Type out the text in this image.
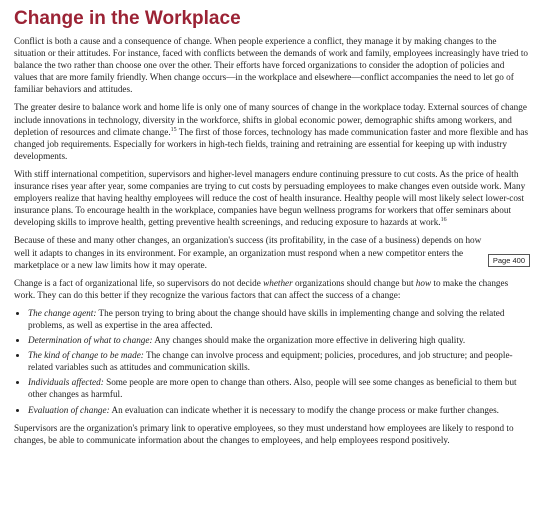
Change in the Workplace

Conflict is both a cause and a consequence of change. When people experience a conflict, they manage it by making changes to the situation or their attitudes. For instance, faced with conflicts between the demands of work and family, employees increasingly have tried to balance the two rather than choose one over the other. Their efforts have forced organizations to consider the adoption of policies and values that are more family friendly. When change occurs—in the workplace and elsewhere—conflict accompanies the need to let go of familiar behaviors and attitudes.

The greater desire to balance work and home life is only one of many sources of change in the workplace today. External sources of change include innovations in technology, diversity in the workforce, shifts in global economic power, demographic shifts among workers, and depletion of resources and climate change.$^{15}$ The first of those forces, technology has made communication faster and more flexible and has changed job requirements. Especially for workers in high-tech fields, training and retraining are essential for keeping up with industry developments.

With stiff international competition, supervisors and higher-level managers endure continuing pressure to cut costs. As the price of health insurance rises year after year, some companies are trying to cut costs by persuading employees to make changes even outside work. Many employers realize that having healthy employees will reduce the cost of health insurance. Healthy people will most likely select lower-cost insurance plans. To encourage health in the workplace, companies have begun wellness programs for workers that offer seminars about developing skills to improve health, getting preventive health screenings, and reducing exposure to hazards at work.$^{16}$

Because of these and many other changes, an organization's success (its profitability, in the case of a business) depends on how well it adapts to changes in its environment. For example, an organization must respond when a new competitor enters the marketplace or a new law limits how it may operate.

Change is a fact of organizational life, so supervisors do not decide whether organizations should change but how to make the changes work. They can do this better if they recognize the various factors that can affect the success of a change:

• The change agent: The person trying to bring about the change should have skills in implementing change and solving the related problems, as well as expertise in the area affected.
• Determination of what to change: Any changes should make the organization more effective in delivering high quality.
• The kind of change to be made: The change can involve process and equipment; policies, procedures, and job structure; and people-related variables such as attitudes and communication skills.
• Individuals affected: Some people are more open to change than others. Also, people will see some changes as beneficial to them but other changes as harmful.
• Evaluation of change: An evaluation can indicate whether it is necessary to modify the change process or make further changes.

Supervisors are the organization's primary link to operative employees, so they must understand how employees are likely to respond to changes, be able to communicate information about the changes to employees, and help employees respond positively.

Page 400
